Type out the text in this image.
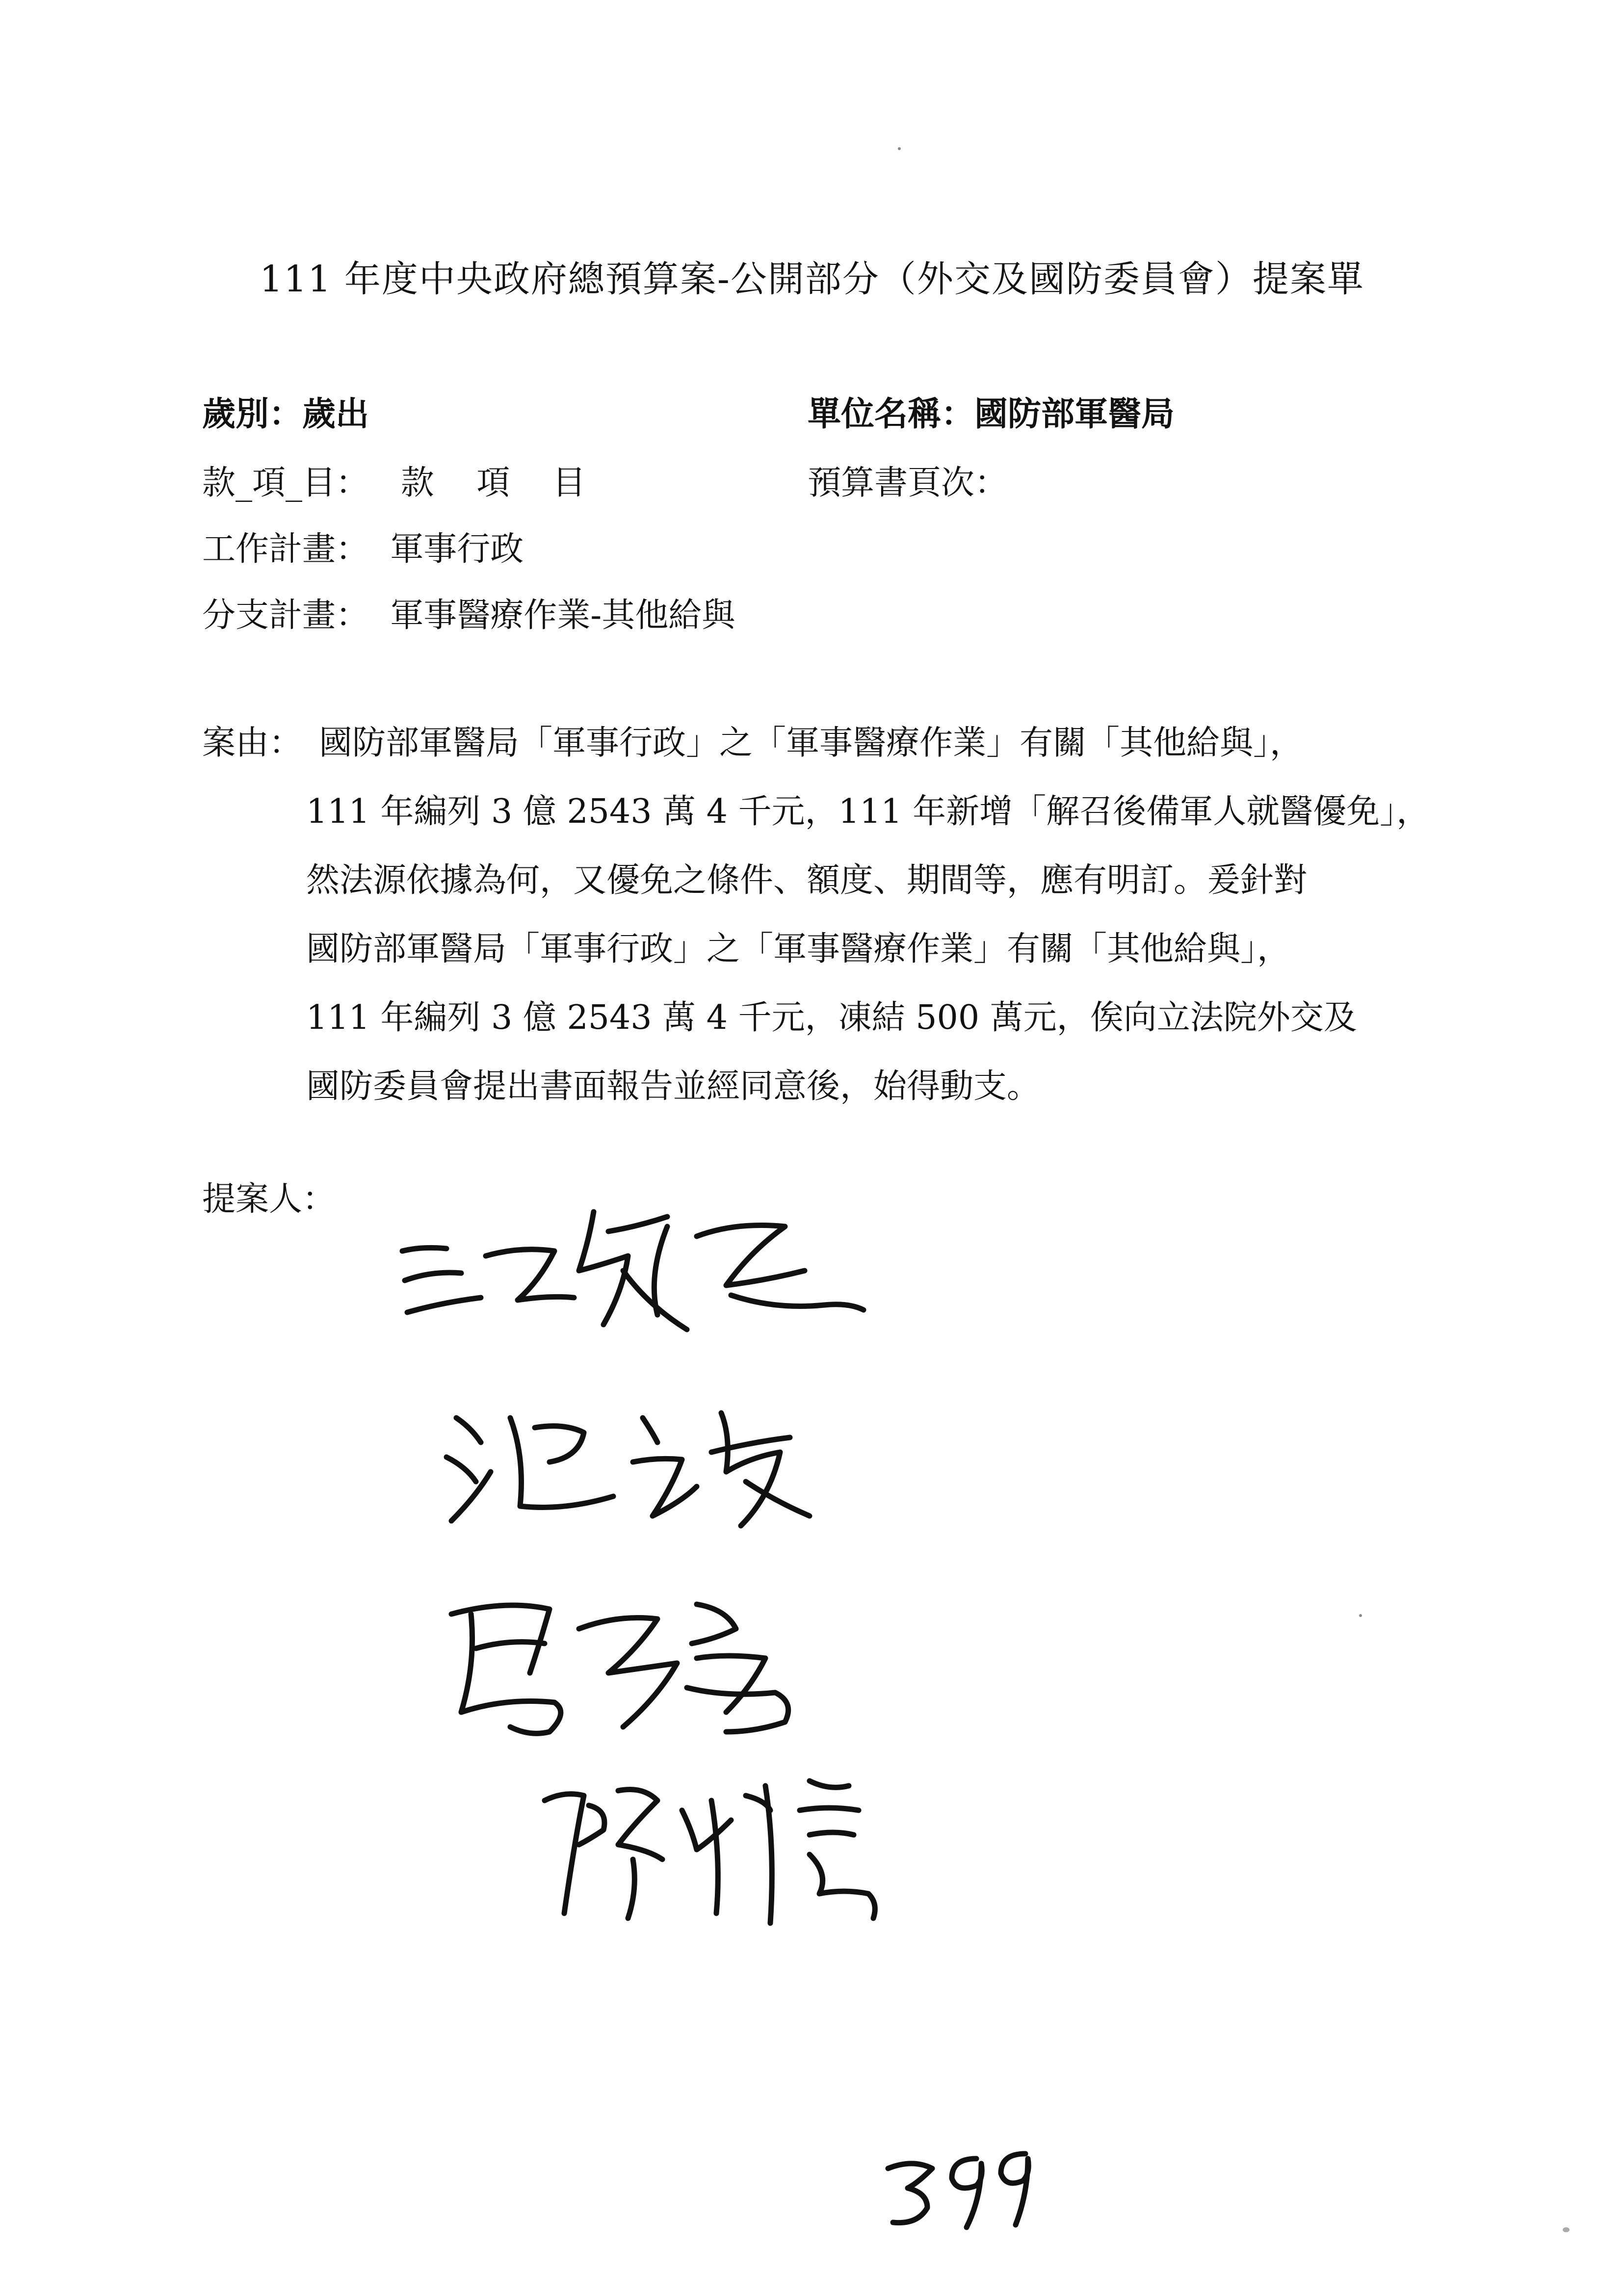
111 年度中央政府總預算案-公開部分（外交及國防委員會）提案單
歲別：歲出	單位名稱：國防部軍醫局
款_項_目：   款    項    目	預算書頁次：
工作計畫：  軍事行政
分支計畫：  軍事醫療作業-其他給與
案由： 國防部軍醫局「軍事行政」之「軍事醫療作業」有關「其他給與」，
111 年編列 3 億 2543 萬 4 千元，111 年新增「解召後備軍人就醫優免」，
然法源依據為何，又優免之條件、額度、期間等，應有明訂。爰針對
國防部軍醫局「軍事行政」之「軍事醫療作業」有關「其他給與」，
111 年編列 3 億 2543 萬 4 千元，凍結 500 萬元，俟向立法院外交及
國防委員會提出書面報告並經同意後，始得動支。
提案人：
